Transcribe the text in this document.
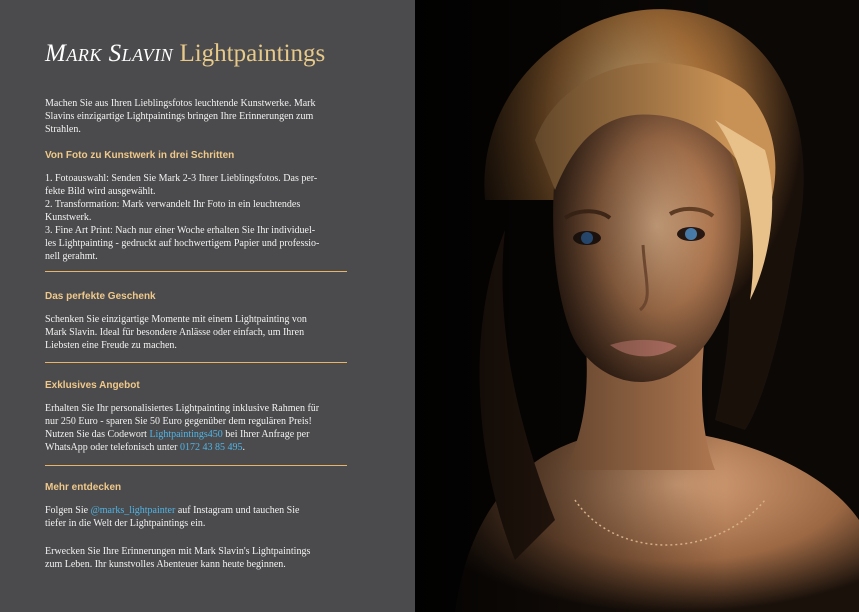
Mark Slavin Lightpaintings
Machen Sie aus Ihren Lieblingsfotos leuchtende Kunstwerke. Mark
Slavins einzigartige Lightpaintings bringen Ihre Erinnerungen zum
Strahlen.
Von Foto zu Kunstwerk in drei Schritten
1. Fotoauswahl: Senden Sie Mark 2-3 Ihrer Lieblingsfotos. Das per-
fekte Bild wird ausgewählt.
2. Transformation: Mark verwandelt Ihr Foto in ein leuchtendes
Kunstwerk.
3. Fine Art Print: Nach nur einer Woche erhalten Sie Ihr individuel-
les Lightpainting - gedruckt auf hochwertigem Papier und professio-
nell gerahmt.
Das perfekte Geschenk
Schenken Sie einzigartige Momente mit einem Lightpainting von
Mark Slavin. Ideal für besondere Anlässe oder einfach, um Ihren
Liebsten eine Freude zu machen.
Exklusives Angebot
Erhalten Sie Ihr personalisiertes Lightpainting inklusive Rahmen für
nur 250 Euro - sparen Sie 50 Euro gegenüber dem regulären Preis!
Nutzen Sie das Codewort Lightpaintings450 bei Ihrer Anfrage per
WhatsApp oder telefonisch unter 0172 43 85 495.
Mehr entdecken
Folgen Sie @marks_lightpainter auf Instagram und tauchen Sie
tiefer in die Welt der Lightpaintings ein.
Erwecken Sie Ihre Erinnerungen mit Mark Slavin's Lightpaintings
zum Leben. Ihr kunstvolles Abenteuer kann heute beginnen.
